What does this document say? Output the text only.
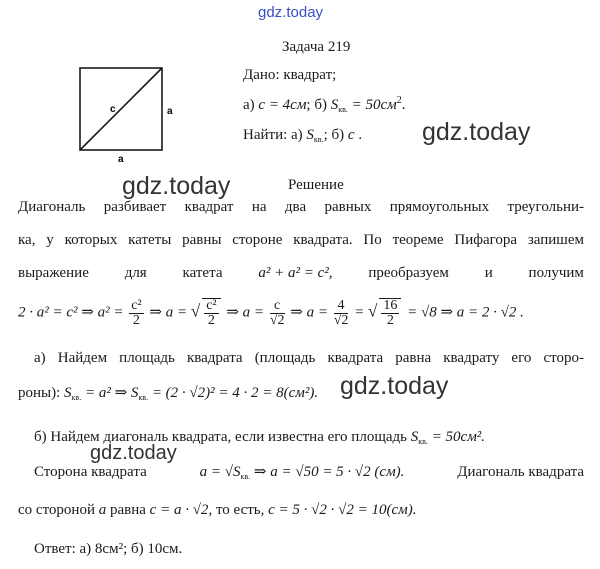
gdz.today
gdz.today
gdz.today
gdz.today
gdz.today
Задача 219
c	a
a
Дано: квадрат;
а) c = 4см; б) $S_{кв.} = 50см^2$.
Найти: а) $S_{кв.}$; б) c .
Решение
Диагональ разбивает квадрат на два равных прямоугольных треугольни-
ка, у которых катеты равны стороне квадрата. По теореме Пифагора запишем
выражение для катета a² + a² = c², преобразуем и получим
2 · a² = c² ⇒ $a^2 = \frac{\text{c²}}{2}$ ⇒ a = √ $\frac{\text{c²}}{2}$ ⇒ $a = \frac{c}{√2}$ ⇒ $a = \frac{4}{√2}$ = √ $\frac{16}{2} = √8$ ⇒ a = 2 · √2 .
а) Найдем площадь квадрата (площадь квадрата равна квадрату его сторо-
роны): $S_{кв.} = a^2$ ⇒ $S_{кв.} = (2 \cdot √2)^2 = 4 \cdot 2 = 8(см^2)$.
б) Найдем диагональ квадрата, если известна его площадь $S_{кв.} = 50см^2$.
Сторона квадрата	$a = √S_{кв.}$ ⇒ a = √50 = 5 · √2 (см).	Диагональ квадрата
со стороной a равна c = a · √2, то есть, c = 5 · √2 · √2 = 10(см).
Ответ: а) 8см²; б) 10см.
